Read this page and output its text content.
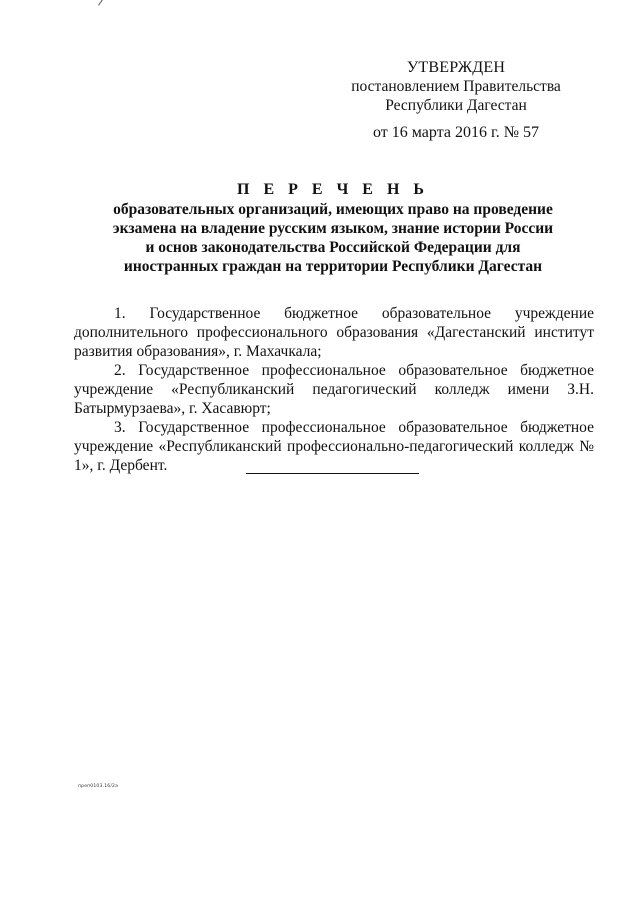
УТВЕРЖДЕН
постановлением Правительства
Республики Дагестан
от 16 марта 2016 г. № 57
П Е Р Е Ч Е Н Ь
образовательных организаций, имеющих право на проведение
экзамена на владение русским языком, знание истории России
и основ законодательства Российской Федерации для
иностранных граждан на территории Республики Дагестан

1. Государственное бюджетное образовательное учреждение дополнительного профессионального образования «Дагестанский институт развития образования», г. Махачкала;

2. Государственное профессиональное образовательное бюджетное учреждение «Республиканский педагогический колледж имени З.Н. Батырмурзаева», г. Хасавюрт;

3. Государственное профессиональное образовательное бюджетное учреждение «Республиканский профессионально-педагогический колледж № 1», г. Дербент.

преп0103.16/2а
